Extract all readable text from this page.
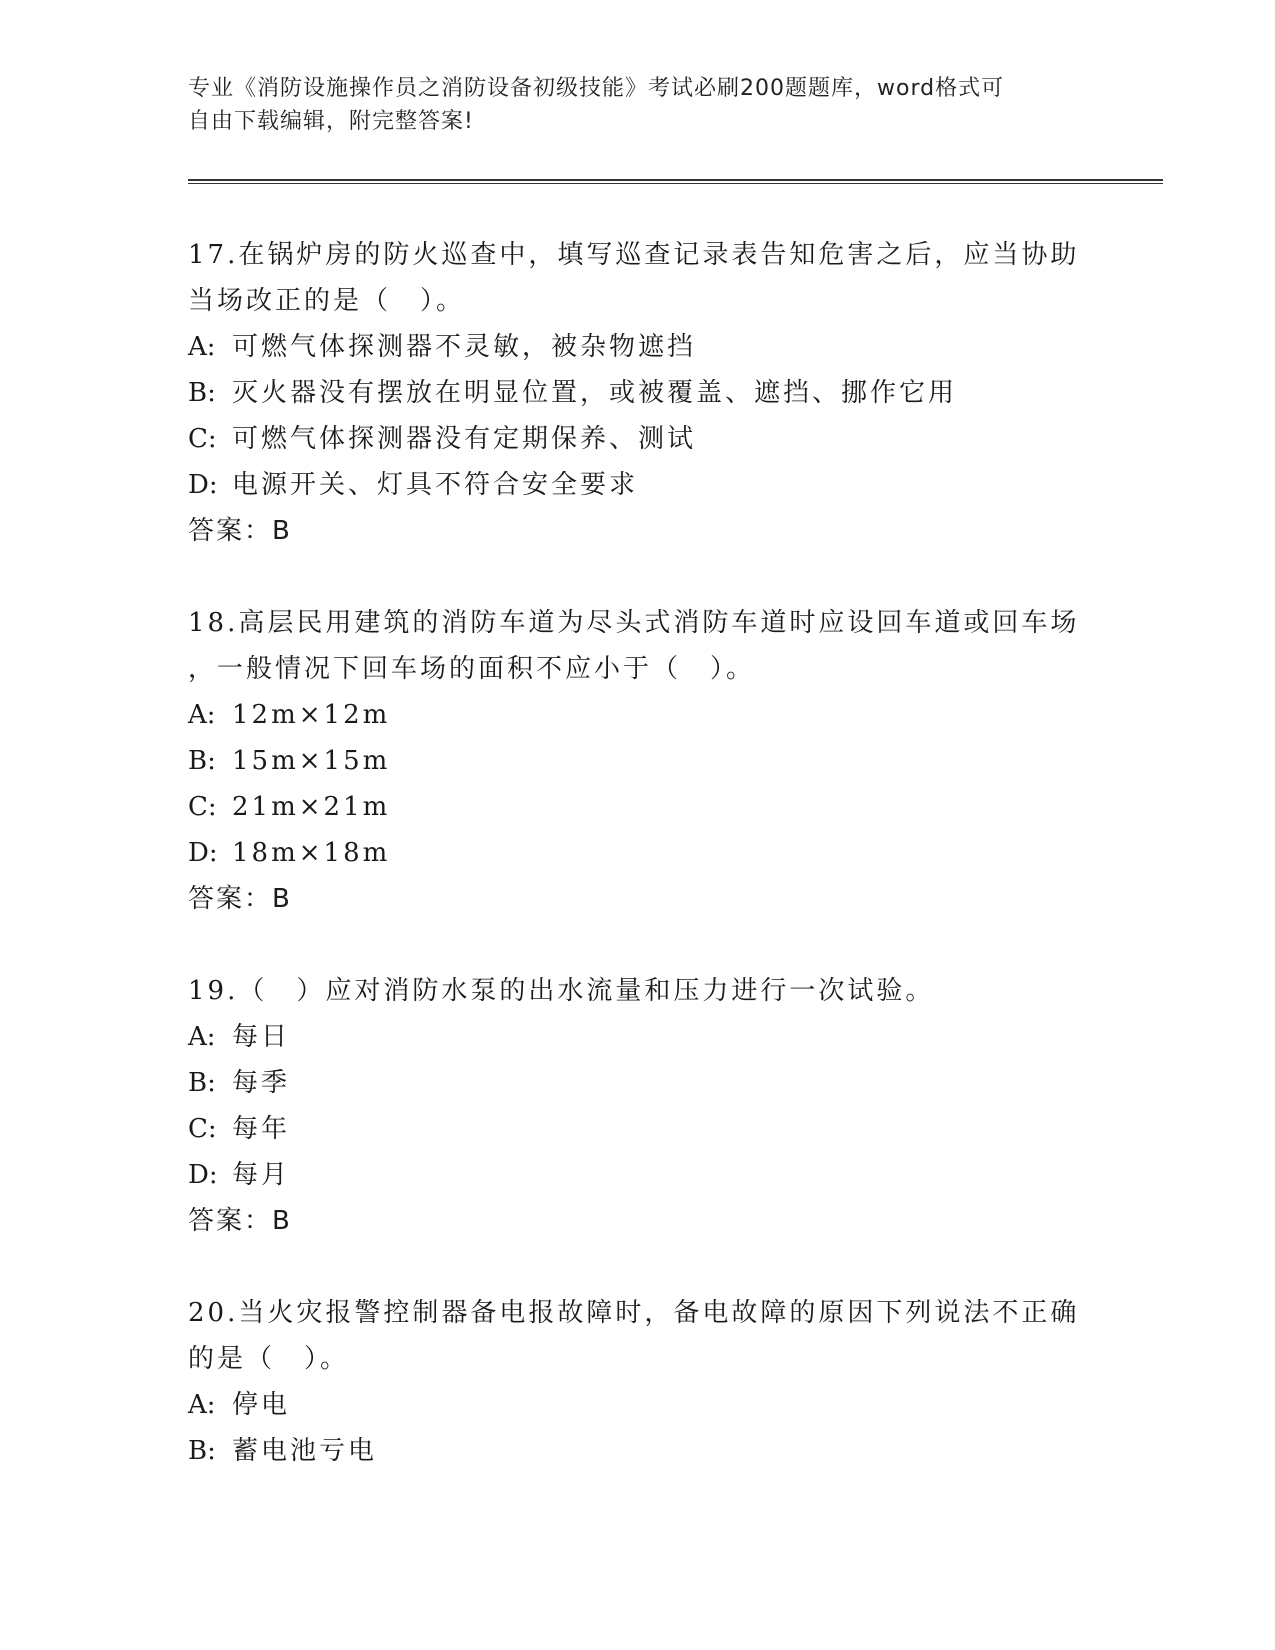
专业《消防设施操作员之消防设备初级技能》考试必刷200题题库，word格式可
自由下载编辑，附完整答案!
17.在锅炉房的防火巡查中，填写巡查记录表告知危害之后，应当协助
当场改正的是（　）。
A: 可燃气体探测器不灵敏，被杂物遮挡
B: 灭火器没有摆放在明显位置，或被覆盖、遮挡、挪作它用
C: 可燃气体探测器没有定期保养、测试
D: 电源开关、灯具不符合安全要求
答案：B
18.高层民用建筑的消防车道为尽头式消防车道时应设回车道或回车场
，一般情况下回车场的面积不应小于（　）。
A: 12m×12m
B: 15m×15m
C: 21m×21m
D: 18m×18m
答案：B
19.（　）应对消防水泵的出水流量和压力进行一次试验。
A: 每日
B: 每季
C: 每年
D: 每月
答案：B
20.当火灾报警控制器备电报故障时，备电故障的原因下列说法不正确
的是（　）。
A: 停电
B: 蓄电池亏电
